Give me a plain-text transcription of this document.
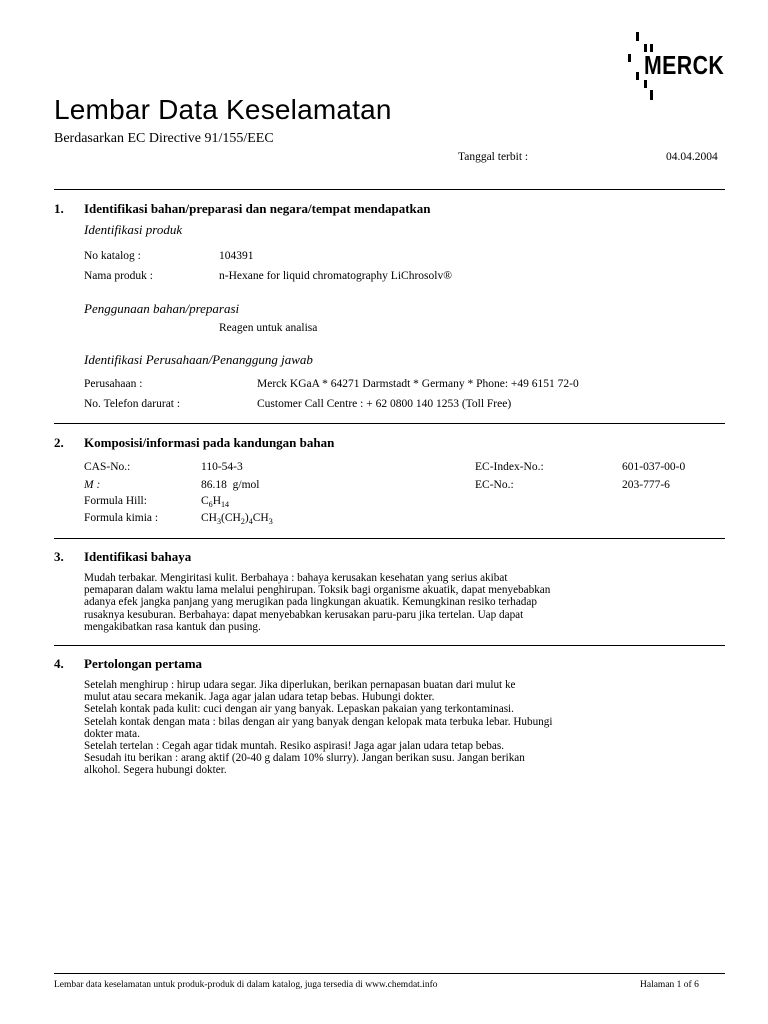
MERCK
Lembar Data Keselamatan
Berdasarkan EC Directive 91/155/EEC
Tanggal terbit :	04.04.2004
1. Identifikasi bahan/preparasi dan negara/tempat mendapatkan
Identifikasi produk
No katalog :	104391
Nama produk :	n-Hexane for liquid chromatography LiChrosolv®
Penggunaan bahan/preparasi
Reagen untuk analisa
Identifikasi Perusahaan/Penanggung jawab
Perusahaan :	Merck KGaA * 64271 Darmstadt * Germany * Phone: +49 6151 72-0
No. Telefon darurat :	Customer Call Centre : + 62 0800 140 1253 (Toll Free)
2. Komposisi/informasi pada kandungan bahan
CAS-No.:	110-54-3	EC-Index-No.:	601-037-00-0
M :	86.18  g/mol	EC-No.:	203-777-6
Formula Hill:	$C_6H_{14}$
Formula kimia :	$CH_3(CH_2)_4CH_3$
3. Identifikasi bahaya
Mudah terbakar. Mengiritasi kulit. Berbahaya : bahaya kerusakan kesehatan yang serius akibat
pemaparan dalam waktu lama melalui penghirupan. Toksik bagi organisme akuatik, dapat menyebabkan
adanya efek jangka panjang yang merugikan pada lingkungan akuatik. Kemungkinan resiko terhadap
rusaknya kesuburan. Berbahaya: dapat menyebabkan kerusakan paru-paru jika tertelan. Uap dapat
mengakibatkan rasa kantuk dan pusing.
4. Pertolongan pertama
Setelah menghirup : hirup udara segar. Jika diperlukan, berikan pernapasan buatan dari mulut ke
mulut atau secara mekanik. Jaga agar jalan udara tetap bebas. Hubungi dokter.
Setelah kontak pada kulit: cuci dengan air yang banyak. Lepaskan pakaian yang terkontaminasi.
Setelah kontak dengan mata : bilas dengan air yang banyak dengan kelopak mata terbuka lebar. Hubungi
dokter mata.
Setelah tertelan : Cegah agar tidak muntah. Resiko aspirasi! Jaga agar jalan udara tetap bebas.
Sesudah itu berikan : arang aktif (20-40 g dalam 10% slurry). Jangan berikan susu. Jangan berikan
alkohol. Segera hubungi dokter.
Lembar data keselamatan untuk produk-produk di dalam katalog, juga tersedia di www.chemdat.info	Halaman 1 of 6
